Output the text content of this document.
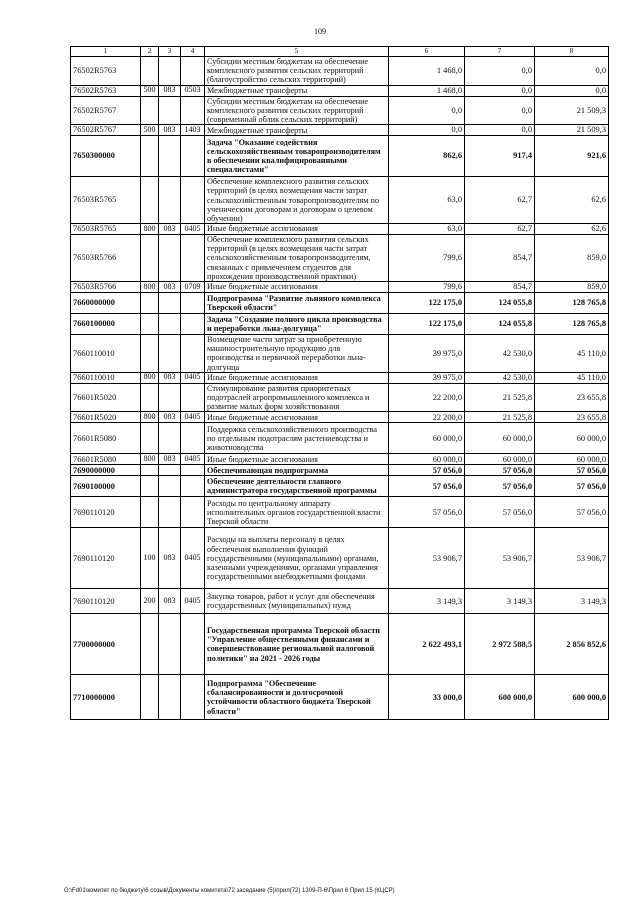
109
1	2	3	4	5	6	7	8
76502R5763				Субсидии местным бюджетам на обеспечение комплексного развития сельских территорий (благоустройство сельских территорий)	1 468,0	0,0	0,0
76502R5763	500	083	0503	Межбюджетные трансферты	1 468,0	0,0	0,0
76502R5767				Субсидии местным бюджетам на обеспечение комплексного развития сельских территорий (современный облик сельских территорий)	0,0	0,0	21 509,3
76502R5767	500	083	1403	Межбюджетные трансферты	0,0	0,0	21 509,3
7650300000				Задача "Оказание содействия сельскохозяйственным товаропроизводителям в обеспечении квалифицированными специалистами"	862,6	917,4	921,6
76503R5765				Обеспечение комплексного развития сельских территорий (в целях возмещения части затрат сельскохозяйственным товаропроизводителям по ученическим договорам и договорам о целевом обучении)	63,0	62,7	62,6
76503R5765	800	083	0405	Иные бюджетные ассигнования	63,0	62,7	62,6
76503R5766				Обеспечение комплексного развития сельских территорий (в целях возмещения части затрат сельскохозяйственным товаропроизводителям, связанных с привлечением студентов для прохождения производственной практики)	799,6	854,7	859,0
76503R5766	800	083	0709	Иные бюджетные ассигнования	799,6	854,7	859,0
7660000000				Подпрограмма "Развитие льняного комплекса Тверской области"	122 175,0	124 055,8	128 765,8
7660100000				Задача "Создание полного цикла производства и переработки льна-долгунца"	122 175,0	124 055,8	128 765,8
7660110010				Возмещение части затрат за приобретенную машиностроительную продукцию для производства и первичной переработки льна-долгунца	39 975,0	42 530,0	45 110,0
7660110010	800	083	0405	Иные бюджетные ассигнования	39 975,0	42 530,0	45 110,0
76601R5020				Стимулирование развития приоритетных подотраслей агропромышленного комплекса и развитие малых форм хозяйствования	22 200,0	21 525,8	23 655,8
76601R5020	800	083	0405	Иные бюджетные ассигнования	22 200,0	21 525,8	23 655,8
76601R5080				Поддержка сельскохозяйственного производства по отдельным подотраслям растениеводства и животноводства	60 000,0	60 000,0	60 000,0
76601R5080	800	083	0405	Иные бюджетные ассигнования	60 000,0	60 000,0	60 000,0
7690000000				Обеспечивающая подпрограмма	57 056,0	57 056,0	57 056,0
7690100000				Обеспечение деятельности главного администратора государственной программы	57 056,0	57 056,0	57 056,0
7690110120				Расходы по центральному аппарату исполнительных органов государственной власти Тверской области	57 056,0	57 056,0	57 056,0
7690110120	100	083	0405	Расходы на выплаты персоналу в целях обеспечения выполнения функций государственными (муниципальными) органами, казенными учреждениями, органами управления государственными внебюджетными фондами	53 906,7	53 906,7	53 906,7
7690110120	200	083	0405	Закупка товаров, работ и услуг для обеспечения государственных (муниципальных) нужд	3 149,3	3 149,3	3 149,3
7700000000				Государственная программа Тверской области "Управление общественными финансами и совершенствование региональной налоговой политики" на 2021 - 2026 годы	2 622 493,1	2 972 588,5	2 856 852,6
7710000000				Подпрограмма "Обеспечение сбалансированности и долгосрочной устойчивости областного бюджета Тверской области"	33 000,0	600 000,0	600 000,0
G:\Fd01\комитет по бюджету\6 созыв\Документы комитета\72 заседание (5)\прил(72) 1309-П-6\Прил 6 Прил 15 (КЦСР)
